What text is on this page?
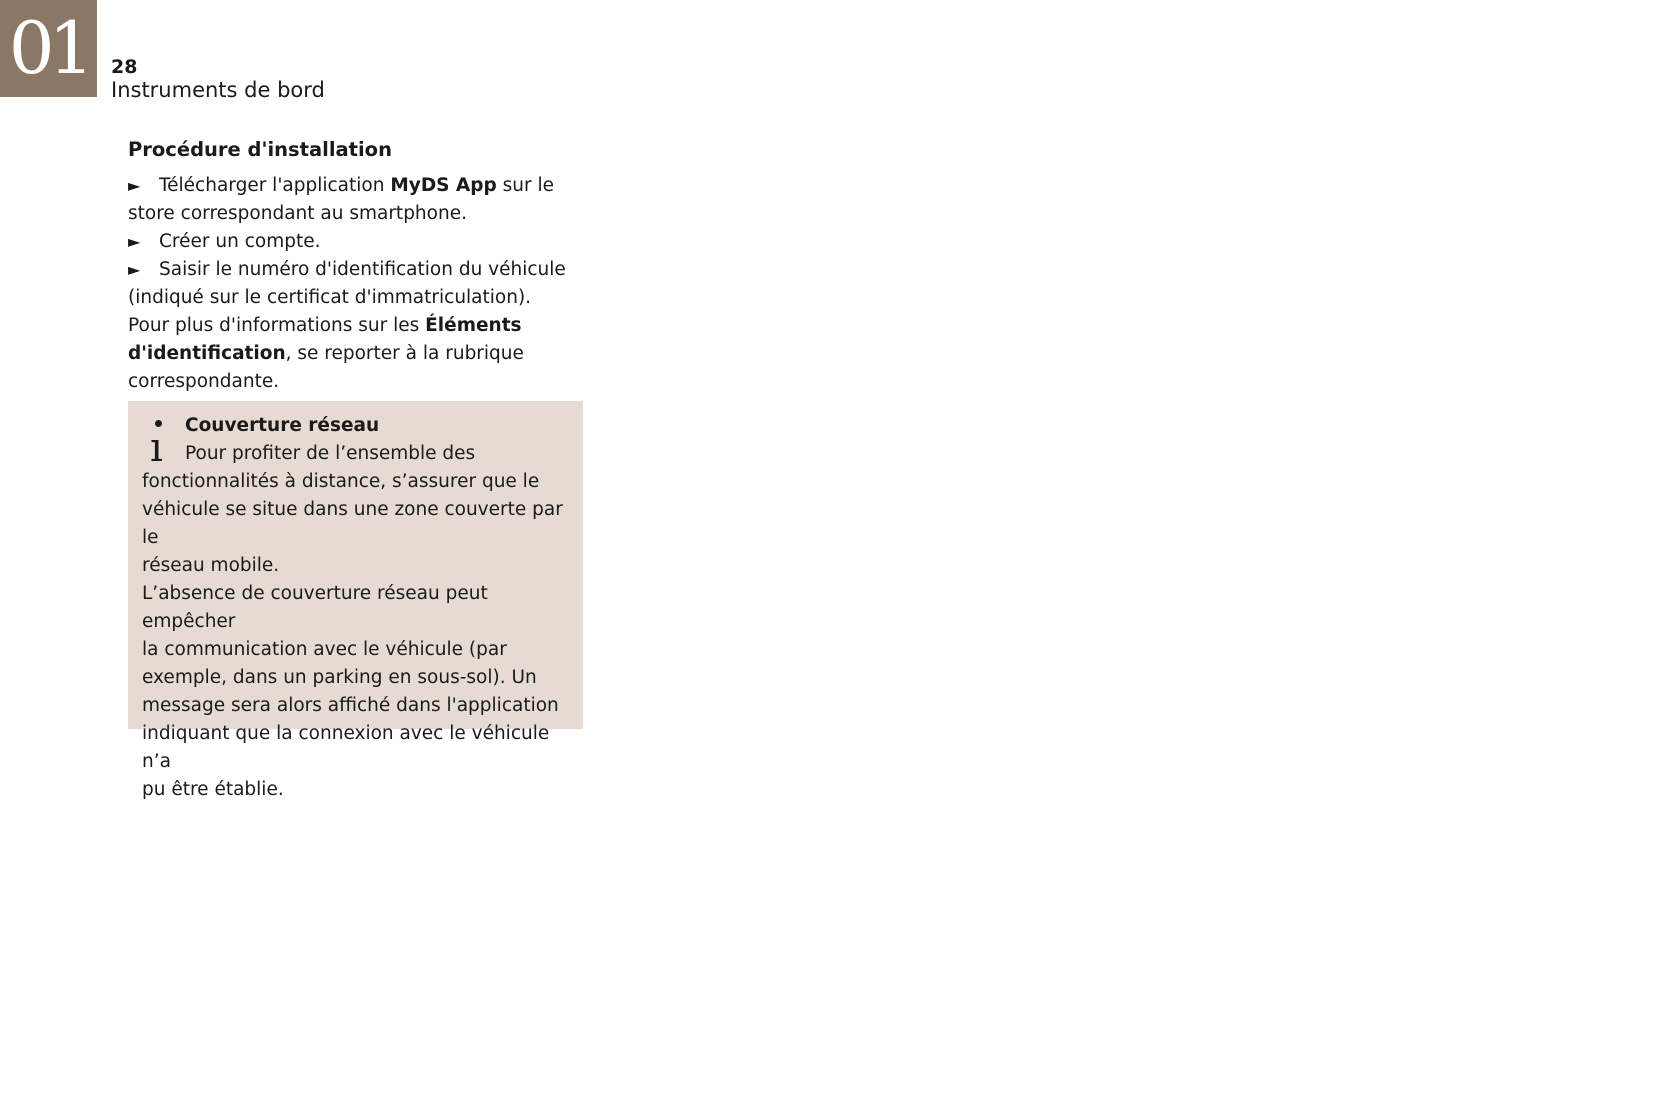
01	28
Instruments de bord

Procédure d'installation

► Télécharger l'application MyDS App sur le

store correspondant au smartphone.

► Créer un compte.

► Saisir le numéro d'identification du véhicule

(indiqué sur le certificat d'immatriculation).

Pour plus d'informations sur les Éléments

d'identification, se reporter à la rubrique

correspondante.

ı	Couverture réseau

Pour profiter de l’ensemble des

fonctionnalités à distance, s’assurer que le

véhicule se situe dans une zone couverte par le

réseau mobile.

L’absence de couverture réseau peut empêcher

la communication avec le véhicule (par

exemple, dans un parking en sous-sol). Un

message sera alors affiché dans l'application

indiquant que la connexion avec le véhicule n’a

pu être établie.
